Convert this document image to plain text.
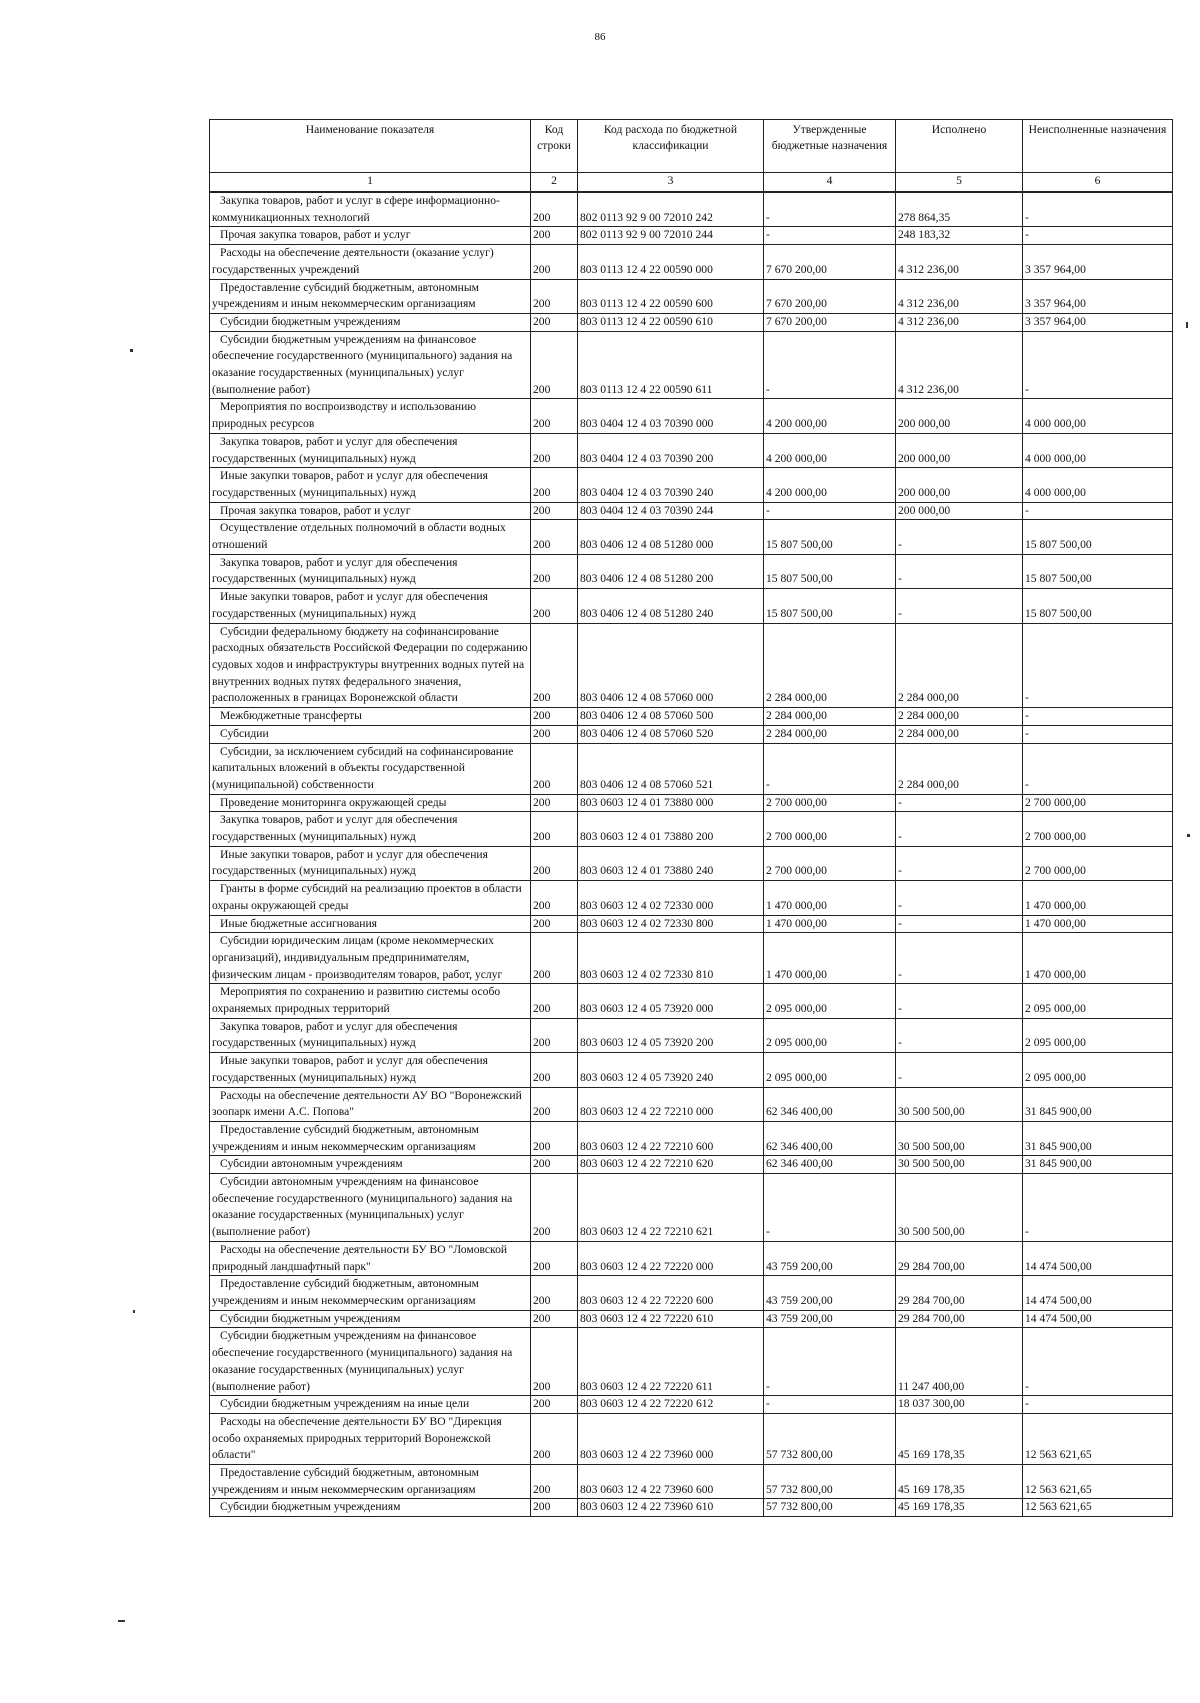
86
Наименование показателя	Код строки	Код расхода по бюджетной классификации	Утвержденные бюджетные назначения	Исполнено	Неисполненные назначения
1	2	3	4	5	6
Закупка товаров, работ и услуг в сфере информационно-коммуникационных технологий	200	802 0113 92 9 00 72010 242	-	278 864,35	-
Прочая закупка товаров, работ и услуг	200	802 0113 92 9 00 72010 244	-	248 183,32	-
Расходы на обеспечение деятельности (оказание услуг) государственных учреждений	200	803 0113 12 4 22 00590 000	7 670 200,00	4 312 236,00	3 357 964,00
Предоставление субсидий бюджетным, автономным учреждениям и иным некоммерческим организациям	200	803 0113 12 4 22 00590 600	7 670 200,00	4 312 236,00	3 357 964,00
Субсидии бюджетным учреждениям	200	803 0113 12 4 22 00590 610	7 670 200,00	4 312 236,00	3 357 964,00
Субсидии бюджетным учреждениям на финансовое обеспечение государственного (муниципального) задания на оказание государственных (муниципальных) услуг (выполнение работ)	200	803 0113 12 4 22 00590 611	-	4 312 236,00	-
Мероприятия по воспроизводству и использованию природных ресурсов	200	803 0404 12 4 03 70390 000	4 200 000,00	200 000,00	4 000 000,00
Закупка товаров, работ и услуг для обеспечения государственных (муниципальных) нужд	200	803 0404 12 4 03 70390 200	4 200 000,00	200 000,00	4 000 000,00
Иные закупки товаров, работ и услуг для обеспечения государственных (муниципальных) нужд	200	803 0404 12 4 03 70390 240	4 200 000,00	200 000,00	4 000 000,00
Прочая закупка товаров, работ и услуг	200	803 0404 12 4 03 70390 244	-	200 000,00	-
Осуществление отдельных полномочий в области водных отношений	200	803 0406 12 4 08 51280 000	15 807 500,00	-	15 807 500,00
Закупка товаров, работ и услуг для обеспечения государственных (муниципальных) нужд	200	803 0406 12 4 08 51280 200	15 807 500,00	-	15 807 500,00
Иные закупки товаров, работ и услуг для обеспечения государственных (муниципальных) нужд	200	803 0406 12 4 08 51280 240	15 807 500,00	-	15 807 500,00
Субсидии федеральному бюджету на софинансирование расходных обязательств Российской Федерации по содержанию судовых ходов и инфраструктуры внутренних водных путей на внутренних водных путях федерального значения, расположенных в границах Воронежской области	200	803 0406 12 4 08 57060 000	2 284 000,00	2 284 000,00	-
Межбюджетные трансферты	200	803 0406 12 4 08 57060 500	2 284 000,00	2 284 000,00	-
Субсидии	200	803 0406 12 4 08 57060 520	2 284 000,00	2 284 000,00	-
Субсидии, за исключением субсидий на софинансирование капитальных вложений в объекты государственной (муниципальной) собственности	200	803 0406 12 4 08 57060 521	-	2 284 000,00	-
Проведение мониторинга окружающей среды	200	803 0603 12 4 01 73880 000	2 700 000,00	-	2 700 000,00
Закупка товаров, работ и услуг для обеспечения государственных (муниципальных) нужд	200	803 0603 12 4 01 73880 200	2 700 000,00	-	2 700 000,00
Иные закупки товаров, работ и услуг для обеспечения государственных (муниципальных) нужд	200	803 0603 12 4 01 73880 240	2 700 000,00	-	2 700 000,00
Гранты в форме субсидий на реализацию проектов в области охраны окружающей среды	200	803 0603 12 4 02 72330 000	1 470 000,00	-	1 470 000,00
Иные бюджетные ассигнования	200	803 0603 12 4 02 72330 800	1 470 000,00	-	1 470 000,00
Субсидии юридическим лицам (кроме некоммерческих организаций), индивидуальным предпринимателям, физическим лицам - производителям товаров, работ, услуг	200	803 0603 12 4 02 72330 810	1 470 000,00	-	1 470 000,00
Мероприятия по сохранению и развитию системы особо охраняемых природных территорий	200	803 0603 12 4 05 73920 000	2 095 000,00	-	2 095 000,00
Закупка товаров, работ и услуг для обеспечения государственных (муниципальных) нужд	200	803 0603 12 4 05 73920 200	2 095 000,00	-	2 095 000,00
Иные закупки товаров, работ и услуг для обеспечения государственных (муниципальных) нужд	200	803 0603 12 4 05 73920 240	2 095 000,00	-	2 095 000,00
Расходы на обеспечение деятельности АУ ВО "Воронежский зоопарк имени А.С. Попова"	200	803 0603 12 4 22 72210 000	62 346 400,00	30 500 500,00	31 845 900,00
Предоставление субсидий бюджетным, автономным учреждениям и иным некоммерческим организациям	200	803 0603 12 4 22 72210 600	62 346 400,00	30 500 500,00	31 845 900,00
Субсидии автономным учреждениям	200	803 0603 12 4 22 72210 620	62 346 400,00	30 500 500,00	31 845 900,00
Субсидии автономным учреждениям на финансовое обеспечение государственного (муниципального) задания на оказание государственных (муниципальных) услуг (выполнение работ)	200	803 0603 12 4 22 72210 621	-	30 500 500,00	-
Расходы на обеспечение деятельности БУ ВО "Ломовской природный ландшафтный парк"	200	803 0603 12 4 22 72220 000	43 759 200,00	29 284 700,00	14 474 500,00
Предоставление субсидий бюджетным, автономным учреждениям и иным некоммерческим организациям	200	803 0603 12 4 22 72220 600	43 759 200,00	29 284 700,00	14 474 500,00
Субсидии бюджетным учреждениям	200	803 0603 12 4 22 72220 610	43 759 200,00	29 284 700,00	14 474 500,00
Субсидии бюджетным учреждениям на финансовое обеспечение государственного (муниципального) задания на оказание государственных (муниципальных) услуг (выполнение работ)	200	803 0603 12 4 22 72220 611	-	11 247 400,00	-
Субсидии бюджетным учреждениям на иные цели	200	803 0603 12 4 22 72220 612	-	18 037 300,00	-
Расходы на обеспечение деятельности БУ ВО "Дирекция особо охраняемых природных территорий Воронежской области"	200	803 0603 12 4 22 73960 000	57 732 800,00	45 169 178,35	12 563 621,65
Предоставление субсидий бюджетным, автономным учреждениям и иным некоммерческим организациям	200	803 0603 12 4 22 73960 600	57 732 800,00	45 169 178,35	12 563 621,65
Субсидии бюджетным учреждениям	200	803 0603 12 4 22 73960 610	57 732 800,00	45 169 178,35	12 563 621,65
